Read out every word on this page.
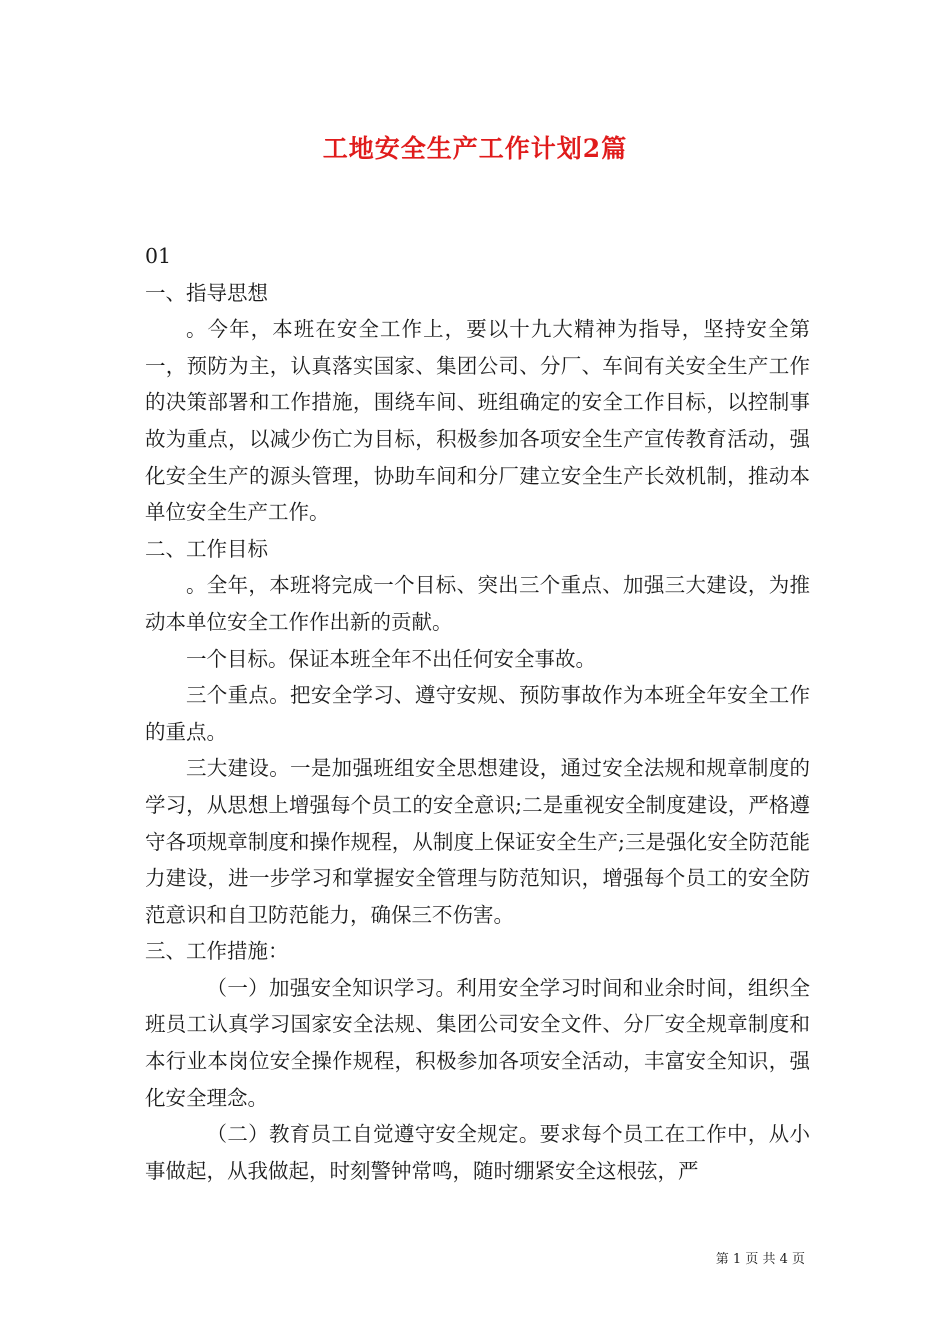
工地安全生产工作计划2篇

01

一、指导思想

。今年，本班在安全工作上，要以十九大精神为指导，坚持安全第一，预防为主，认真落实国家、集团公司、分厂、车间有关安全生产工作的决策部署和工作措施，围绕车间、班组确定的安全工作目标，以控制事故为重点，以减少伤亡为目标，积极参加各项安全生产宣传教育活动，强化安全生产的源头管理，协助车间和分厂建立安全生产长效机制，推动本单位安全生产工作。

二、工作目标

。全年，本班将完成一个目标、突出三个重点、加强三大建设，为推动本单位安全工作作出新的贡献。

一个目标。保证本班全年不出任何安全事故。

三个重点。把安全学习、遵守安规、预防事故作为本班全年安全工作的重点。

三大建设。一是加强班组安全思想建设，通过安全法规和规章制度的学习，从思想上增强每个员工的安全意识;二是重视安全制度建设，严格遵守各项规章制度和操作规程，从制度上保证安全生产;三是强化安全防范能力建设，进一步学习和掌握安全管理与防范知识，增强每个员工的安全防范意识和自卫防范能力，确保三不伤害。

三、工作措施：

（一）加强安全知识学习。利用安全学习时间和业余时间，组织全班员工认真学习国家安全法规、集团公司安全文件、分厂安全规章制度和本行业本岗位安全操作规程，积极参加各项安全活动，丰富安全知识，强化安全理念。

（二）教育员工自觉遵守安全规定。要求每个员工在工作中，从小事做起，从我做起，时刻警钟常鸣，随时绷紧安全这根弦，严

第 1 页 共 4 页
